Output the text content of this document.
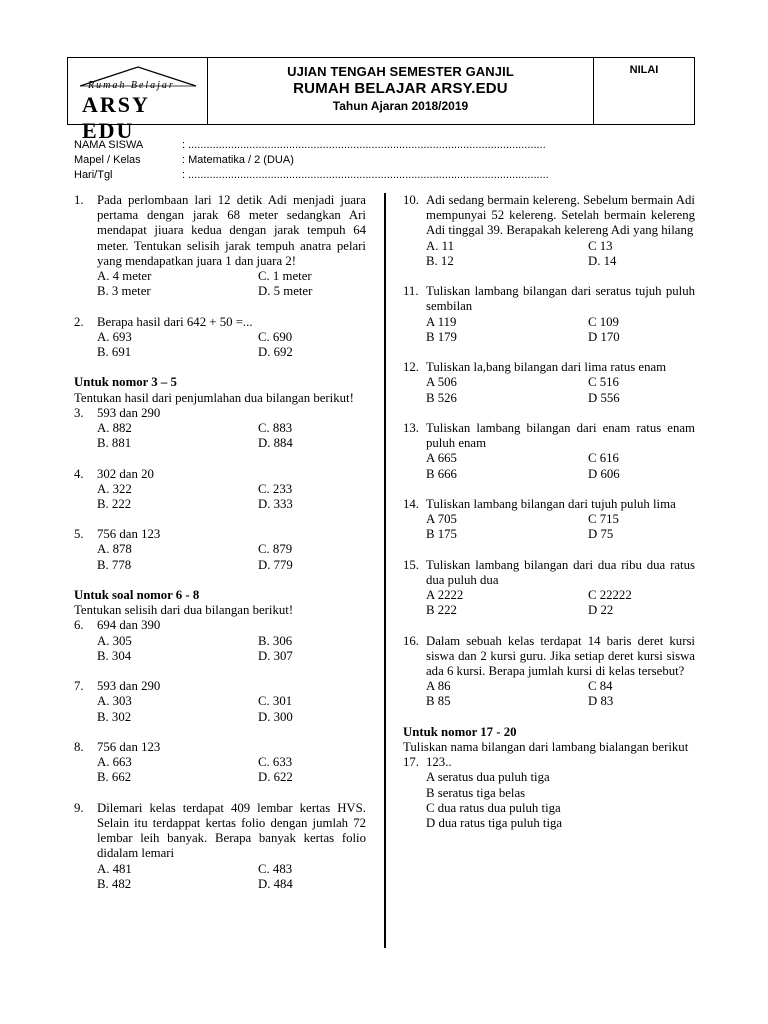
Rumah Belajar
ARSY EDU
UJIAN TENGAH SEMESTER GANJIL
RUMAH BELAJAR ARSY.EDU
Tahun Ajaran 2018/2019
NILAI
NAMA SISWA	: .....................................................................................................................
Mapel / Kelas	: Matematika / 2 (DUA)
Hari/Tgl	: ......................................................................................................................
1. Pada perlombaan lari 12 detik Adi menjadi juara pertama dengan jarak 68 meter sedangkan Ari mendapat jiuara kedua dengan jarak tempuh 64 meter. Tentukan selisih jarak tempuh anatra pelari yang mendapatkan juara 1 dan juara 2!
A. 4 meter	C. 1 meter
B. 3 meter	D. 5 meter
2. Berapa hasil dari 642 + 50 =...
A. 693	C. 690
B. 691	D. 692
Untuk nomor 3 – 5
Tentukan hasil dari penjumlahan dua bilangan berikut!
3. 593 dan 290
A. 882	C. 883
B. 881	D. 884
4. 302 dan 20
A. 322	C. 233
B. 222	D. 333
5. 756 dan 123
A. 878	C. 879
B. 778	D. 779
Untuk soal nomor 6 - 8
Tentukan selisih dari dua bilangan berikut!
6. 694 dan 390
A. 305	B. 306
B. 304	D. 307
7. 593 dan 290
A. 303	C. 301
B. 302	D. 300
8. 756 dan 123
A. 663	C. 633
B. 662	D. 622
9. Dilemari kelas terdapat 409 lembar kertas HVS. Selain itu terdappat kertas folio dengan jumlah 72 lembar leih banyak. Berapa banyak kertas folio didalam lemari
A. 481	C. 483
B. 482	D. 484
10. Adi sedang bermain kelereng. Sebelum bermain Adi mempunyai 52 kelereng. Setelah bermain kelereng Adi tinggal 39. Berapakah kelereng Adi yang hilang
A. 11	C 13
B. 12	D. 14
11. Tuliskan lambang bilangan dari seratus tujuh puluh sembilan
A 119	C 109
B 179	D 170
12. Tuliskan la,bang bilangan dari lima ratus enam
A 506	C 516
B 526	D 556
13. Tuliskan lambang bilangan dari enam ratus enam puluh enam
A 665	C 616
B 666	D 606
14. Tuliskan lambang bilangan dari tujuh puluh lima
A 705	C 715
B 175	D 75
15. Tuliskan lambang bilangan dari dua ribu dua ratus dua puluh dua
A 2222	C 22222
B 222	D 22
16. Dalam sebuah kelas terdapat 14 baris deret kursi siswa dan 2 kursi guru. Jika setiap deret kursi siswa ada 6 kursi. Berapa jumlah kursi di kelas tersebut?
A 86	C 84
B 85	D 83
Untuk nomor 17 - 20
Tuliskan nama bilangan dari lambang bialangan berikut
17. 123..
A seratus dua puluh tiga
B seratus tiga belas
C dua ratus dua puluh tiga
D dua ratus tiga puluh tiga
